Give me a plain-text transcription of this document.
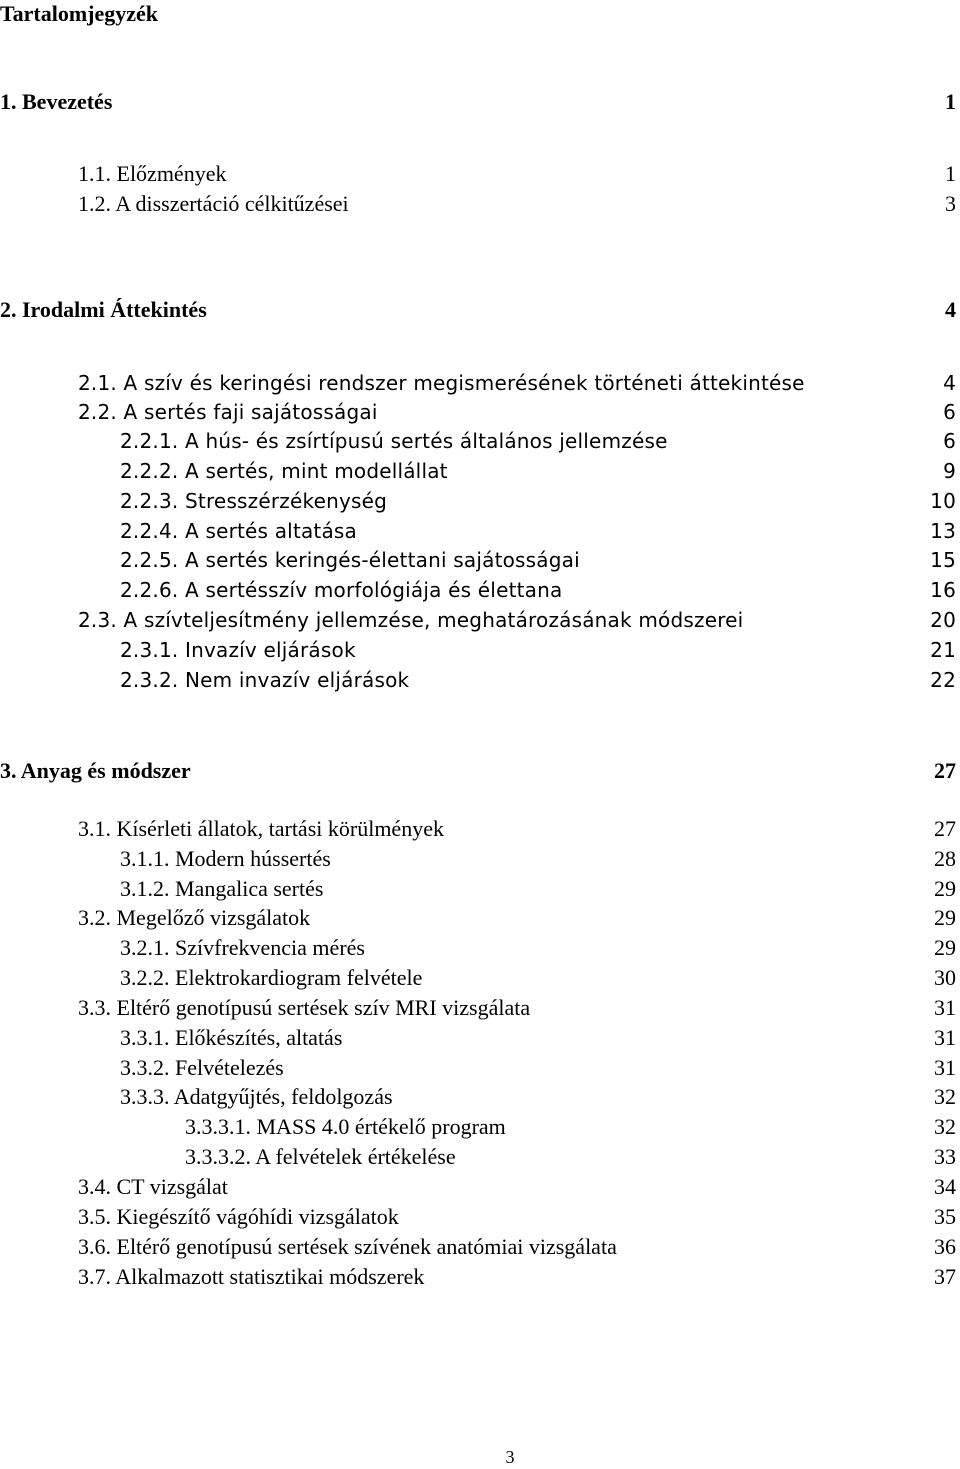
Tartalomjegyzék
1. Bevezetés	1
1.1. Előzmények	1
1.2. A disszertáció célkitűzései	3
2. Irodalmi Áttekintés	4
2.1. A szív és keringési rendszer megismerésének történeti áttekintése	4
2.2. A sertés faji sajátosságai	6
2.2.1. A hús- és zsírtípusú sertés általános jellemzése	6
2.2.2. A sertés, mint modellállat	9
2.2.3. Stresszérzékenység	10
2.2.4. A sertés altatása	13
2.2.5. A sertés keringés-élettani sajátosságai	15
2.2.6. A sertésszív morfológiája és élettana	16
2.3. A szívteljesítmény jellemzése, meghatározásának módszerei	20
2.3.1. Invazív eljárások	21
2.3.2. Nem invazív eljárások	22
3. Anyag és módszer	27
3.1. Kísérleti állatok, tartási körülmények	27
3.1.1. Modern hússertés	28
3.1.2. Mangalica sertés	29
3.2. Megelőző vizsgálatok	29
3.2.1. Szívfrekvencia mérés	29
3.2.2. Elektrokardiogram felvétele	30
3.3. Eltérő genotípusú sertések szív MRI vizsgálata	31
3.3.1. Előkészítés, altatás	31
3.3.2. Felvételezés	31
3.3.3. Adatgyűjtés, feldolgozás	32
3.3.3.1. MASS 4.0 értékelő program	32
3.3.3.2. A felvételek értékelése	33
3.4. CT vizsgálat	34
3.5. Kiegészítő vágóhídi vizsgálatok	35
3.6. Eltérő genotípusú sertések szívének anatómiai vizsgálata	36
3.7. Alkalmazott statisztikai módszerek	37
3
